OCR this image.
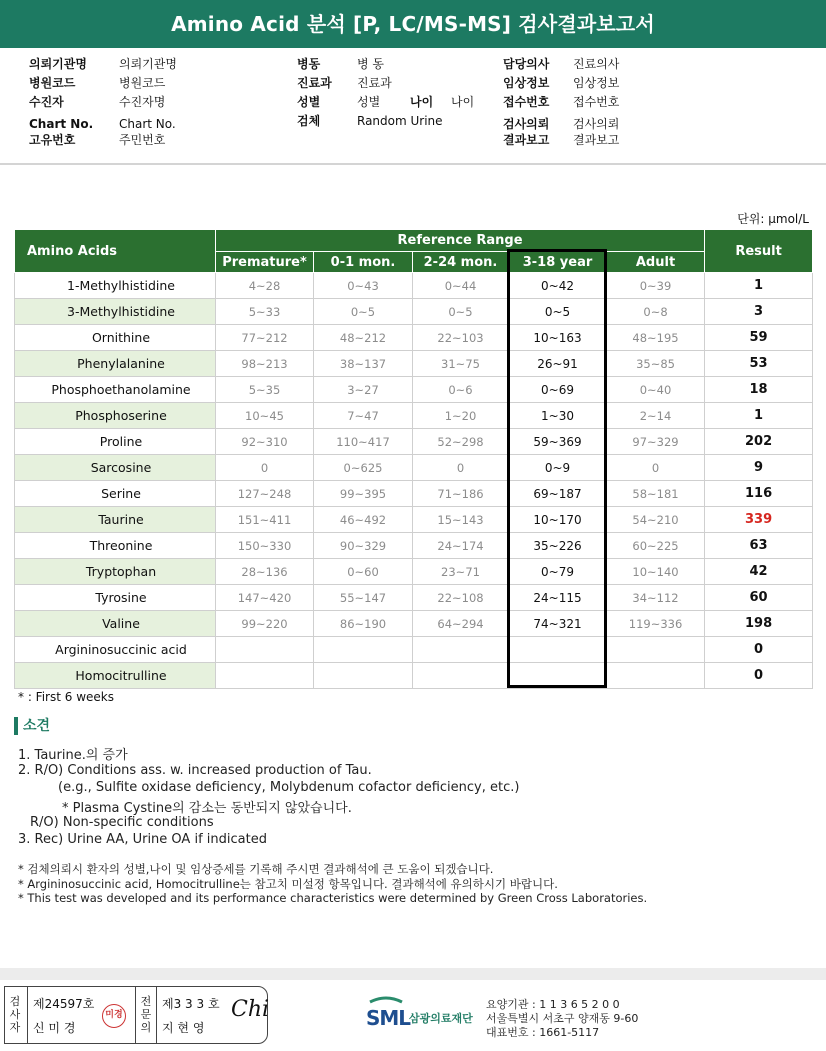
Amino Acid 분석 [P, LC/MS-MS] 검사결과보고서
의뢰기관명	의뢰기관명
병원코드	병원코드
수진자	수진자명
Chart No. Chart No.
고유번호	주민번호
병동	병 동
진료과 진료과
성별	성별 나이 나이
검체	Random Urine
담당의사 진료의사
임상정보 임상정보
접수번호 접수번호
검사의뢰 검사의뢰
결과보고 결과보고
단위: μmol/L
Amino Acids	Reference Range					Result
	Premature*	0-1 mon.	2-24 mon.	3-18 year	Adult	
1-Methylhistidine	4~28	0~43	0~44	0~42	0~39	1
3-Methylhistidine	5~33	0~5	0~5	0~5	0~8	3
Ornithine	77~212	48~212	22~103	10~163	48~195	59
Phenylalanine	98~213	38~137	31~75	26~91	35~85	53
Phosphoethanolamine	5~35	3~27	0~6	0~69	0~40	18
Phosphoserine	10~45	7~47	1~20	1~30	2~14	1
Proline	92~310	110~417	52~298	59~369	97~329	202
Sarcosine	0	0~625	0	0~9	0	9
Serine	127~248	99~395	71~186	69~187	58~181	116
Taurine	151~411	46~492	15~143	10~170	54~210	339
Threonine	150~330	90~329	24~174	35~226	60~225	63
Tryptophan	28~136	0~60	23~71	0~79	10~140	42
Tyrosine	147~420	55~147	22~108	24~115	34~112	60
Valine	99~220	86~190	64~294	74~321	119~336	198
Argininosuccinic acid						0
Homocitrulline						0
* : First 6 weeks
소견
1. Taurine.의 증가
2. R/O) Conditions ass. w. increased production of Tau.
(e.g., Sulfite oxidase deficiency, Molybdenum cofactor deficiency, etc.)
* Plasma Cystine의 감소는 동반되지 않았습니다.
R/O) Non-specific conditions
3. Rec) Urine AA, Urine OA if indicated
* 검체의뢰시 환자의 성별,나이 및 임상증세를 기록해 주시면 결과해석에 큰 도움이 되겠습니다.
* Argininosuccinic acid, Homocitrulline는 참고치 미설정 항목입니다. 결과해석에 유의하시기 바랍니다.
* This test was developed and its performance characteristics were determined by Green Cross Laboratories.
검사자
제24597호
신 미 경
미경
전문의
제3 3 3 호
지 현 영
Chi	SML
삼광의료재단
요양기관 : 1 1 3 6 5 2 0 0
서울특별시 서초구 양재동 9-60
대표번호 : 1661-5117
